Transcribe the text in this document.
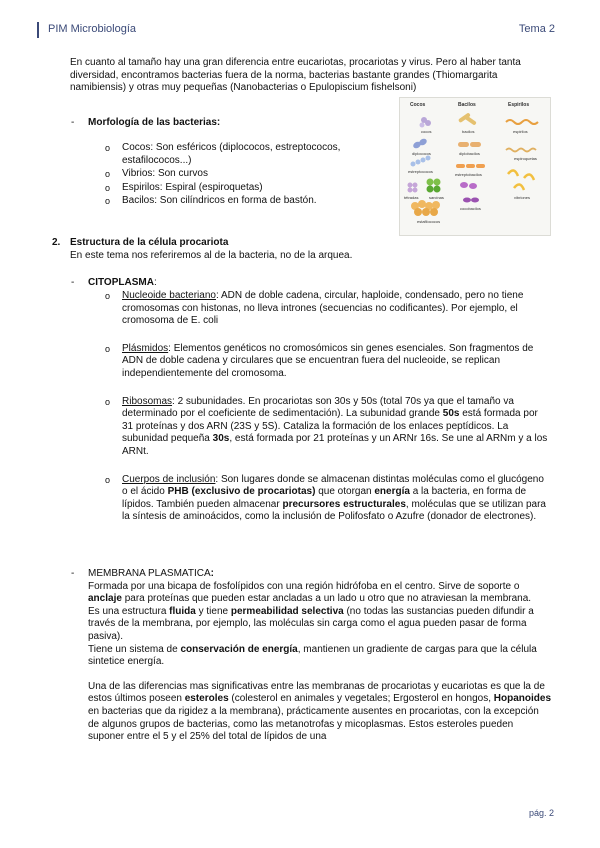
PIM Microbiología	Tema 2
En cuanto al tamaño hay una gran diferencia entre eucariotas, procariotas y virus. Pero al haber tanta diversidad, encontramos bacterias fuera de la norma, bacterias bastante grandes (Thiomargarita namibiensis) y otras muy pequeñas (Nanobacterias o Epulopiscium fishelsoni)
- Morfología de las bacterias:
o Cocos: Son esféricos (diplococos, estreptococos, estafilococos...)
o Vibrios: Son curvos
o Espirilos: Espiral (espiroquetas)
o Bacilos: Son cilíndricos en forma de bastón.
Cocos	Bacilos	Espirilos
cocos
diplococos
estreptococos
tétradas	sarcinas
estafilococos
bacilos
diplobacilos
estreptobacilos
cocobacilos
espirilos
espiroquetas
vibriones
2. Estructura de la célula procariota
En este tema nos referiremos al de la bacteria, no de la arquea.
- CITOPLASMA:
o Nucleoide bacteriano: ADN de doble cadena, circular, haploide, condensado, pero no tiene cromosomas con histonas, no lleva intrones (secuencias no codificantes). Por ejemplo, el cromosoma de E. coli
o Plásmidos: Elementos genéticos no cromosómicos sin genes esenciales. Son fragmentos de ADN de doble cadena y circulares que se encuentran fuera del nucleoide, se replican independientemente del cromosoma.
o Ribosomas: 2 subunidades. En procariotas son 30s y 50s (total 70s ya que el tamaño va determinado por el coeficiente de sedimentación). La subunidad grande 50s está formada por 31 proteínas y dos ARN (23S y 5S). Cataliza la formación de los enlaces peptídicos. La subunidad pequeña 30s, está formada por 21 proteínas y un ARNr 16s. Se une al ARNm y a los ARNt.
o Cuerpos de inclusión: Son lugares donde se almacenan distintas moléculas como el glucógeno o el ácido PHB (exclusivo de procariotas) que otorgan energía a la bacteria, en forma de lípidos. También pueden almacenar precursores estructurales, moléculas que se utilizan para la síntesis de aminoácidos, como la inclusión de Polifosfato o Azufre (donador de electrones).
- MEMBRANA PLASMATICA:

Formada por una bicapa de fosfolípidos con una región hidrófoba en el centro. Sirve de soporte o anclaje para proteínas que pueden estar ancladas a un lado u otro que no atraviesan la membrana.

Es una estructura fluida y tiene permeabilidad selectiva (no todas las sustancias pueden difundir a través de la membrana, por ejemplo, las moléculas sin carga como el agua pueden pasar de forma pasiva).

Tiene un sistema de conservación de energía, mantienen un gradiente de cargas para que la célula sintetice energía.

Una de las diferencias mas significativas entre las membranas de procariotas y eucariotas es que la de estos últimos poseen esteroles (colesterol en animales y vegetales; Ergosterol en hongos, Hopanoides en bacterias que da rigidez a la membrana), prácticamente ausentes en procariotas, con la excepción de algunos grupos de bacterias, como las metanotrofas y micoplasmas. Estos esteroles pueden suponer entre el 5 y el 25% del total de lípidos de una

pág. 2
